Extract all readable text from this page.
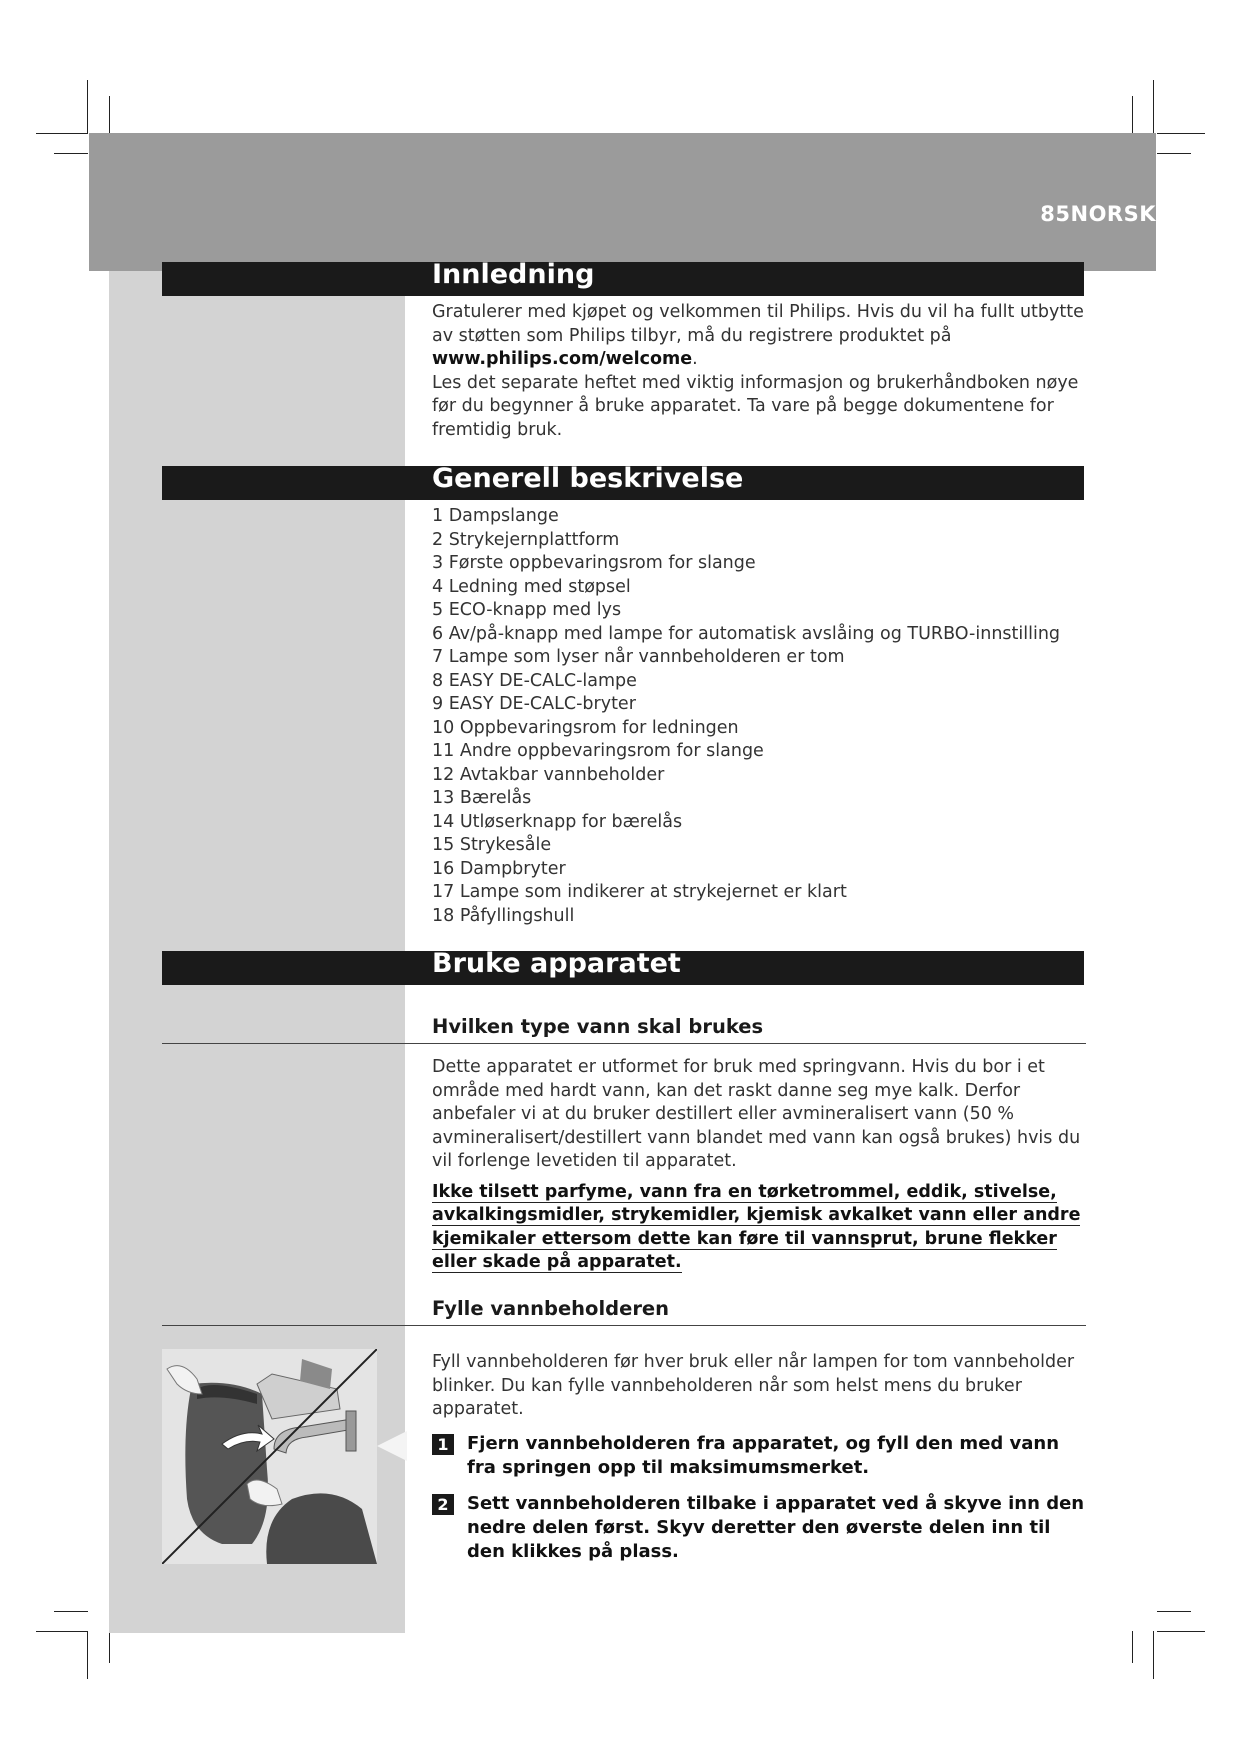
85NORSK
Innledning

Gratulerer med kjøpet og velkommen til Philips. Hvis du vil ha fullt utbytte av støtten som Philips tilbyr, må du registrere produktet på www.philips.com/welcome.

Les det separate heftet med viktig informasjon og brukerhåndboken nøye før du begynner å bruke apparatet. Ta vare på begge dokumentene for fremtidig bruk.

Generell beskrivelse
1 Dampslange
2 Strykejernplattform
3 Første oppbevaringsrom for slange
4 Ledning med støpsel
5 ECO-knapp med lys
6 Av/på-knapp med lampe for automatisk avslåing og TURBO-innstilling
7 Lampe som lyser når vannbeholderen er tom
8 EASY DE-CALC-lampe
9 EASY DE-CALC-bryter
10 Oppbevaringsrom for ledningen
11 Andre oppbevaringsrom for slange
12 Avtakbar vannbeholder
13 Bærelås
14 Utløserknapp for bærelås
15 Strykesåle
16 Dampbryter
17 Lampe som indikerer at strykejernet er klart
18 Påfyllingshull
Bruke apparatet
Hvilken type vann skal brukes

Dette apparatet er utformet for bruk med springvann. Hvis du bor i et område med hardt vann, kan det raskt danne seg mye kalk. Derfor anbefaler vi at du bruker destillert eller avmineralisert vann (50 % avmineralisert/destillert vann blandet med vann kan også brukes) hvis du vil forlenge levetiden til apparatet.

Ikke tilsett parfyme, vann fra en tørketrommel, eddik, stivelse, avkalkingsmidler, strykemidler, kjemisk avkalket vann eller andre kjemikaler ettersom dette kan føre til vannsprut, brune flekker eller skade på apparatet.

Fylle vannbeholderen
Fyll vannbeholderen før hver bruk eller når lampen for tom vannbeholder blinker. Du kan fylle vannbeholderen når som helst mens du bruker apparatet.
1	Fjern vannbeholderen fra apparatet, og fyll den med vann fra springen opp til maksimumsmerket.
2	Sett vannbeholderen tilbake i apparatet ved å skyve inn den nedre delen først. Skyv deretter den øverste delen inn til den klikkes på plass.
